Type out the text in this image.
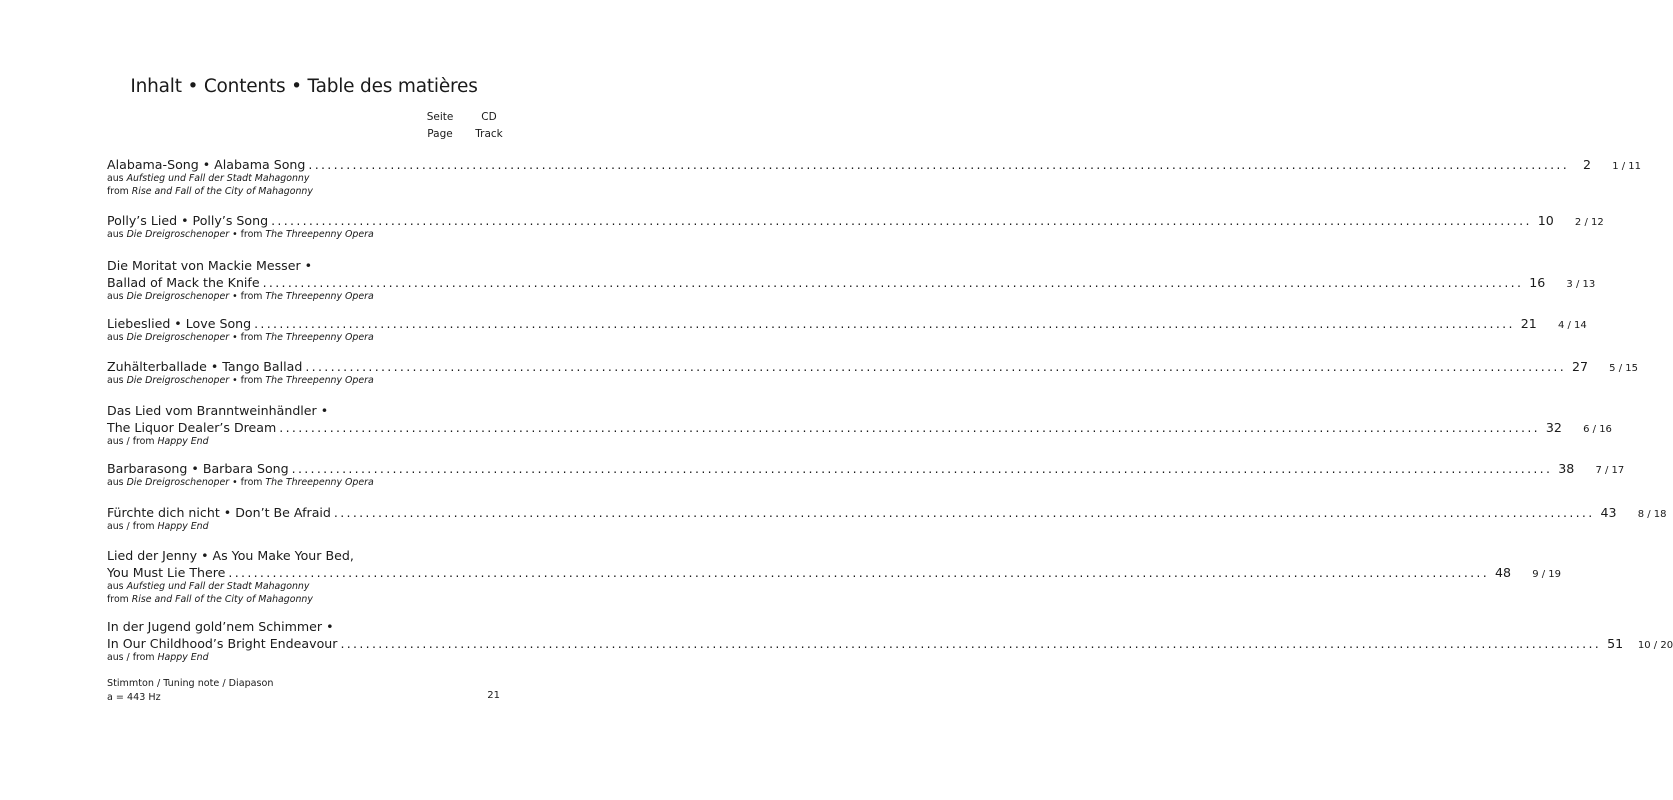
Inhalt • Contents • Table des matières
Seite
Page
CD
Track
Alabama-Song • Alabama Song ........................................................................................................................................................................................................	2	1 / 11
aus Aufstieg und Fall der Stadt Mahagonny
from Rise and Fall of the City of Mahagonny
Polly’s Lied • Polly’s Song ........................................................................................................................................................................................................ 10	2 / 12
aus Die Dreigroschenoper • from The Threepenny Opera
Die Moritat von Mackie Messer •
Ballad of Mack the Knife ........................................................................................................................................................................................................ 16	3 / 13
aus Die Dreigroschenoper • from The Threepenny Opera
Liebeslied • Love Song ........................................................................................................................................................................................................ 21	4 / 14
aus Die Dreigroschenoper • from The Threepenny Opera
Zuhälterballade • Tango Ballad ........................................................................................................................................................................................................ 27	5 / 15
aus Die Dreigroschenoper • from The Threepenny Opera
Das Lied vom Branntweinhändler •
The Liquor Dealer’s Dream ........................................................................................................................................................................................................ 32	6 / 16
aus / from Happy End
Barbarasong • Barbara Song ........................................................................................................................................................................................................ 38	7 / 17
aus Die Dreigroschenoper • from The Threepenny Opera
Fürchte dich nicht • Don’t Be Afraid ........................................................................................................................................................................................................ 43	8 / 18
aus / from Happy End
Lied der Jenny • As You Make Your Bed,
You Must Lie There ........................................................................................................................................................................................................ 48	9 / 19
aus Aufstieg und Fall der Stadt Mahagonny
from Rise and Fall of the City of Mahagonny
In der Jugend gold’nem Schimmer •
In Our Childhood’s Bright Endeavour ........................................................................................................................................................................................................ 51	10 / 20
aus / from Happy End
Stimmton / Tuning note / Diapason
a = 443 Hz	21
